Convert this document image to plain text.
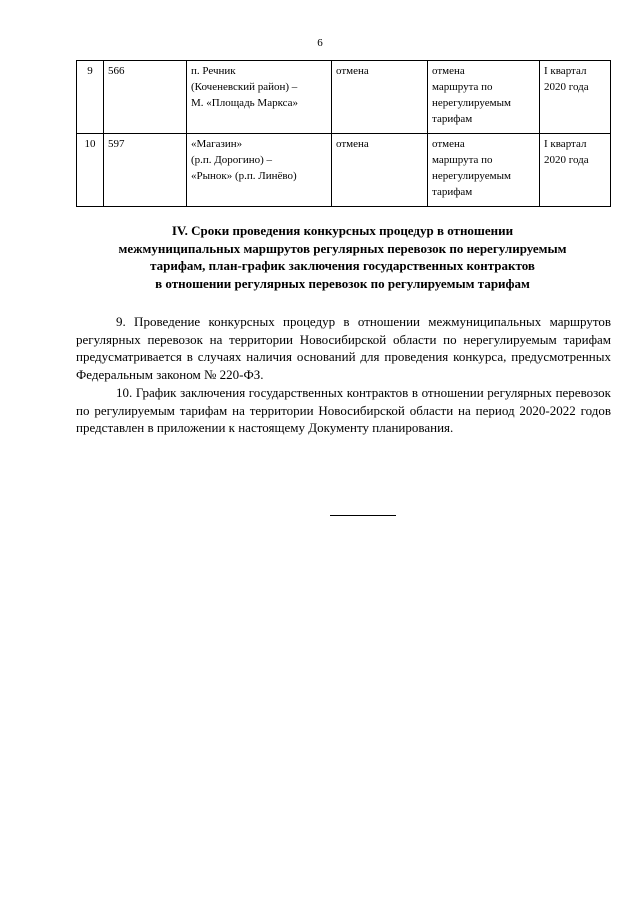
6
9	566	п. Речник
(Коченевский район) –
М. «Площадь Маркса»	отмена	отмена
маршрута по
нерегулируемым
тарифам	I квартал
2020 года
10	597	«Магазин»
(р.п. Дорогино) –
«Рынок» (р.п. Линёво)	отмена	отмена
маршрута по
нерегулируемым
тарифам	I квартал
2020 года
IV. Сроки проведения конкурсных процедур в отношении
межмуниципальных маршрутов регулярных перевозок по нерегулируемым
тарифам, план-график заключения государственных контрактов
в отношении регулярных перевозок по регулируемым тарифам

9. Проведение конкурсных процедур в отношении межмуниципальных маршрутов регулярных перевозок на территории Новосибирской области по нерегулируемым тарифам предусматривается в случаях наличия оснований для проведения конкурса, предусмотренных Федеральным законом № 220-ФЗ.

10. График заключения государственных контрактов в отношении регулярных перевозок по регулируемым тарифам на территории Новосибирской области на период 2020-2022 годов представлен в приложении к настоящему Документу планирования.
